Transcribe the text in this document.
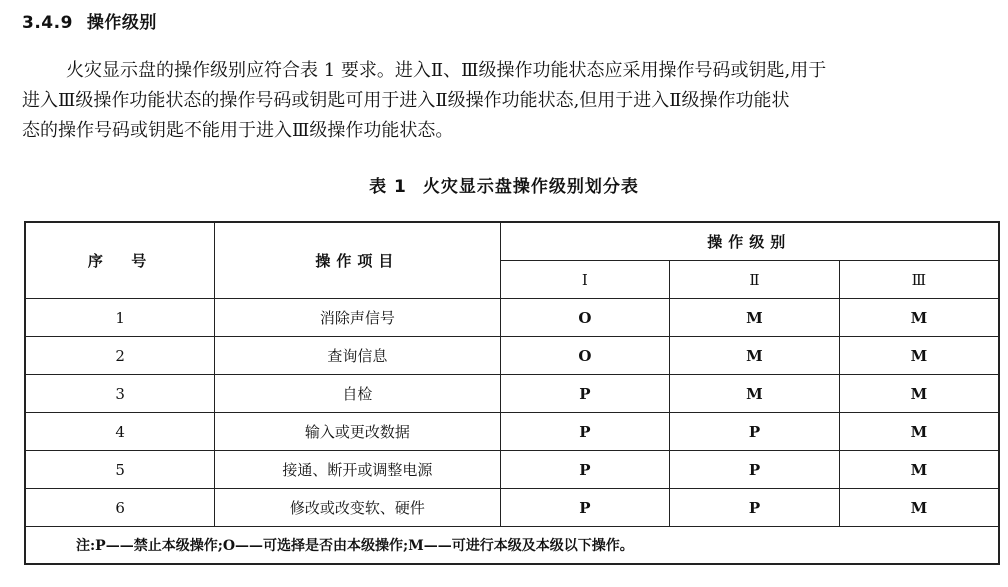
3.4.9 操作级别
火灾显示盘的操作级别应符合表 1 要求。进入Ⅱ、Ⅲ级操作功能状态应采用操作号码或钥匙,用于
进入Ⅲ级操作功能状态的操作号码或钥匙可用于进入Ⅱ级操作功能状态,但用于进入Ⅱ级操作功能状
态的操作号码或钥匙不能用于进入Ⅲ级操作功能状态。
表 1 火灾显示盘操作级别划分表
序  号	操作项目	操作级别		
		Ⅰ	Ⅱ	Ⅲ
1	消除声信号	O	M	M
2	查询信息	O	M	M
3	自检	P	M	M
4	输入或更改数据	P	P	M
5	接通、断开或调整电源	P	P	M
6	修改或改变软、硬件	P	P	M
注:P——禁止本级操作;O——可选择是否由本级操作;M——可进行本级及本级以下操作。				
